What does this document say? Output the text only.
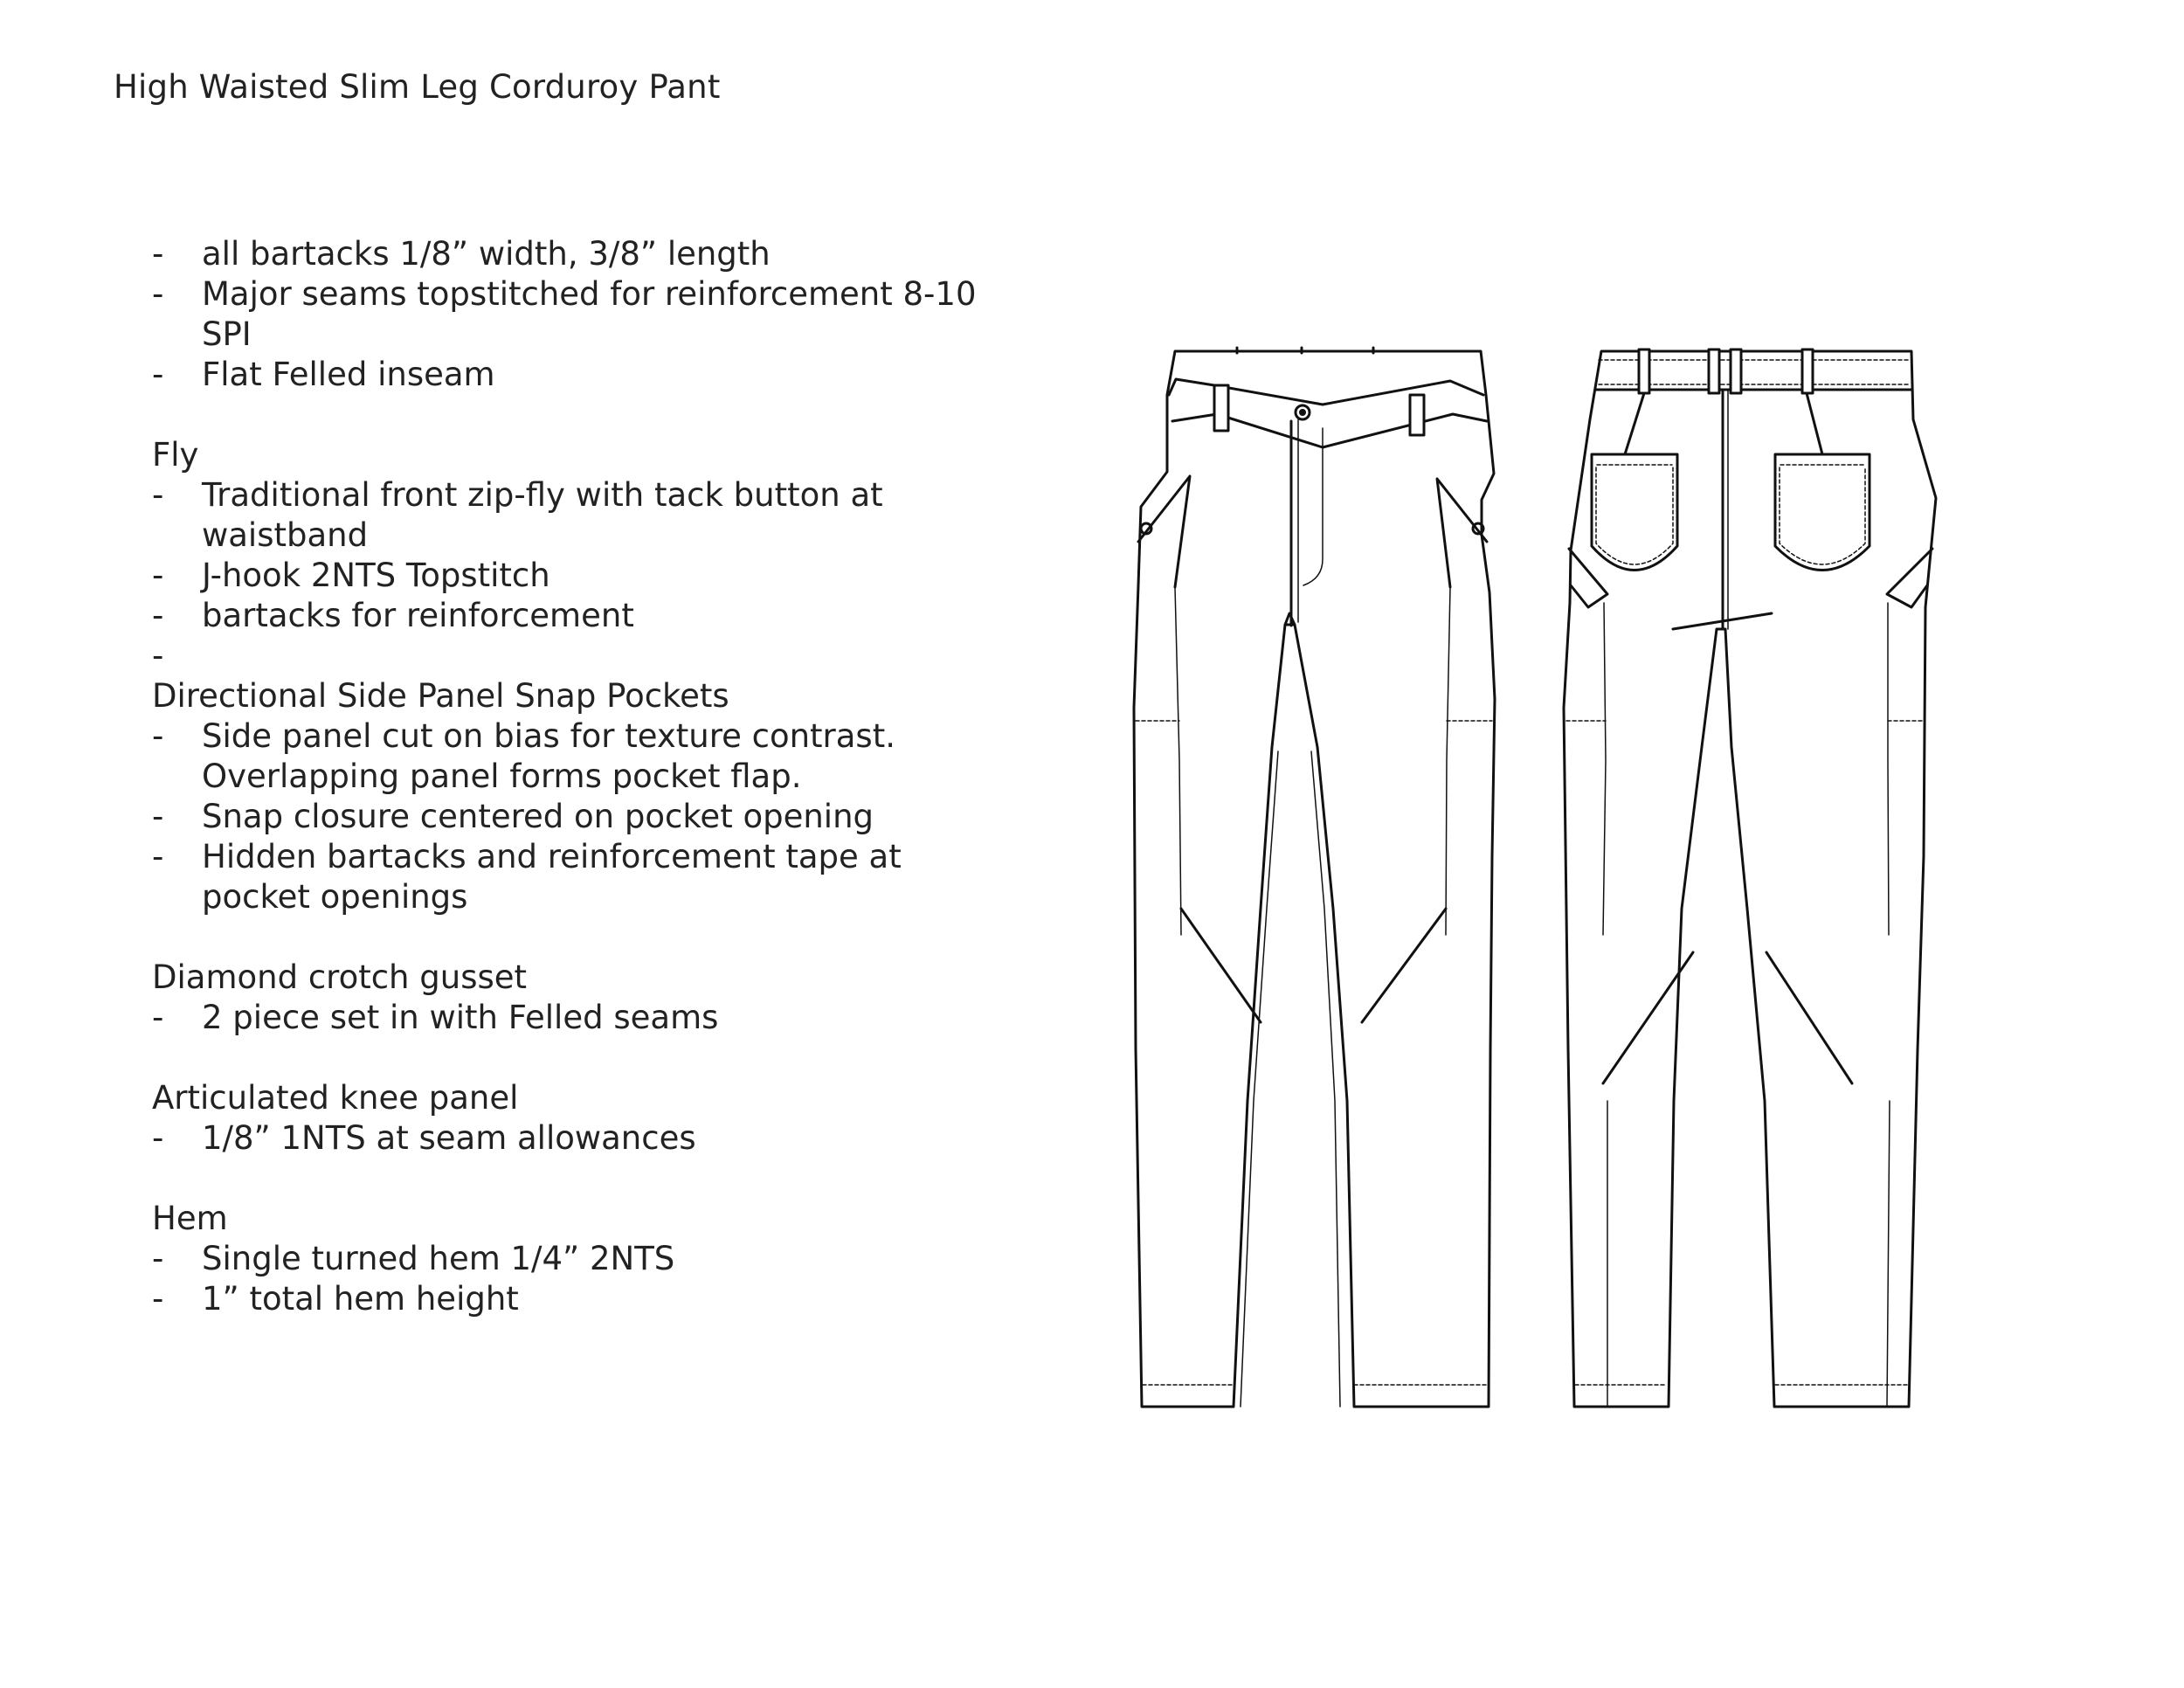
High Waisted Slim Leg Corduroy Pant
- all bartacks 1/8” width, 3/8” length
- Major seams topstitched for reinforcement 8-10 SPI
- Flat Felled inseam
Fly
- Traditional front zip-fly with tack button at waistband
- J-hook 2NTS Topstitch
- bartacks for reinforcement
-
Directional Side Panel Snap Pockets
- Side panel cut on bias for texture contrast. Overlapping panel forms pocket flap.
- Snap closure centered on pocket opening
- Hidden bartacks and reinforcement tape at pocket openings
Diamond crotch gusset
- 2 piece set in with Felled seams
Articulated knee panel
- 1/8” 1NTS at seam allowances
Hem
- Single turned hem 1/4” 2NTS
- 1” total hem height
